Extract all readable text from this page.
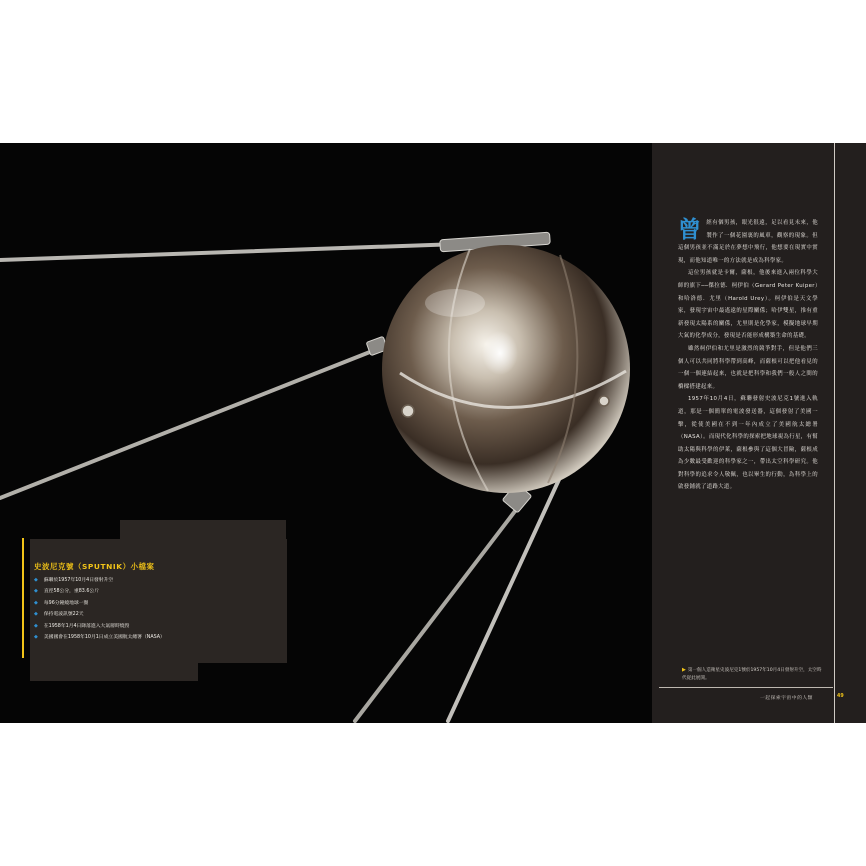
曾經有個男孩，眼光很遠，足以看見未來，他製作了一個花園裏的風車，觀察的現象。但這個男孩並不滿足於在夢想中飛行，他想要在現實中實現，而他知道唯一的方法就是成為科學家。

這位男孩就是卡爾，薩根，他後來進入兩位科學大師的旗下──傑拉德．柯伊伯（Gerard Peter Kuiper）和哈洛德．尤里（Harold Urey）。柯伊伯是天文學家，發現宇宙中最遙遠的星際關係；哈伊雙星，推有重新發現太陽系的關係，尤里則是化學家，模擬地球早期大氣的化學成分，發現是否能形成構築生命的基礎。

雖然柯伊伯和尤里是激烈的競爭對手，但是他們三個人可以共同將科學帶到高峰，而薩根可以把他看見的一個一個連結起來，也就是把科學和我們一般人之間的橋樑搭建起來。

1957年10月4日，蘇聯發射史波尼克1號進入軌道，那是一個簡單的電波發送器，這個發射了美國一擊，從使美國在不到一年內成立了美國航太總署（NASA）。而現代化科學的探索把地球視為行星，有幫助太陽與科學的伊萊，薩根參與了這個大冒險，薩根成為少數最受歡迎的科學家之一，帶出太空科學研究。他對科學的追求令人敬佩，也以畢生的行動，為科學上的啟發鋪就了道路大道。

▶ 第一個人造衛星史波尼克1號於1957年10月4日發射升空，太空時代從此展開。
一起探索宇宙中的人類	49
史波尼克號（SPUTNIK）小檔案
◆ 蘇聯於1957年10月4日發射升空
◆ 直徑58公分，重83.6公斤
◆ 每96分鐘繞地球一圈
◆ 保持電波訊號22天
◆ 在1958年1月4日降落進入大氣層時燒毀
◆ 美國國會在1958年10月1日成立美國航太總署（NASA）
